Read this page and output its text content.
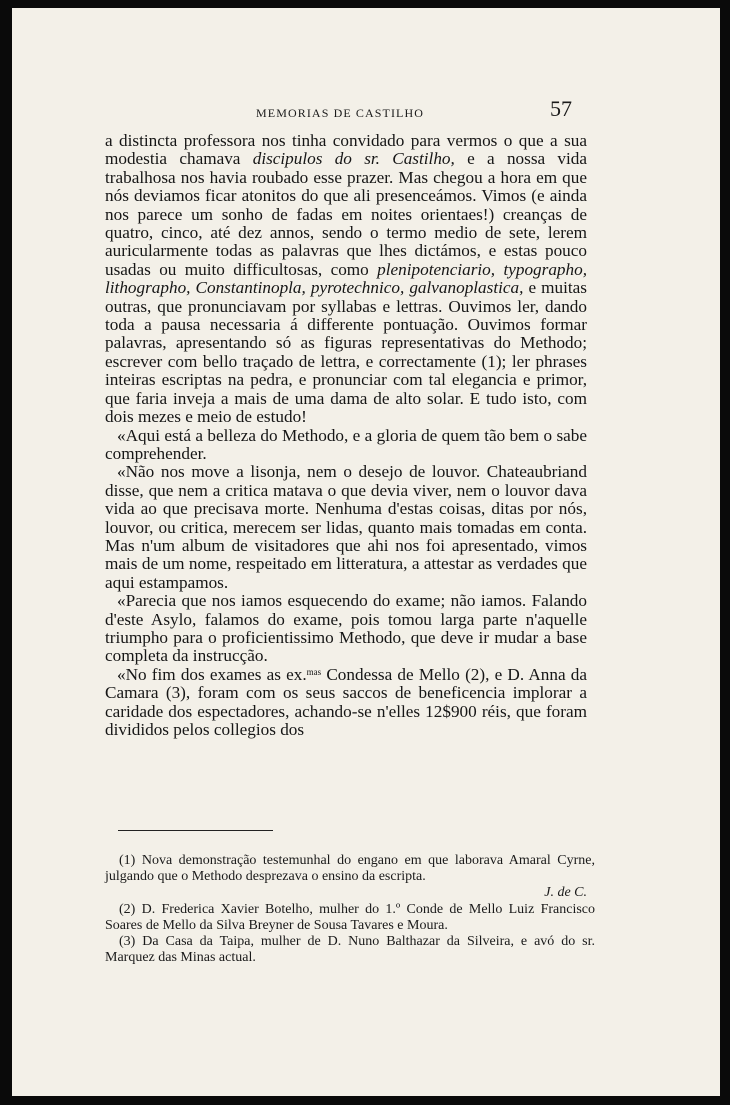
MEMORIAS DE CASTILHO	57

a distincta professora nos tinha convidado para vermos o que a sua modestia chamava discipulos do sr. Castilho, e a nossa vida trabalhosa nos havia roubado esse prazer. Mas chegou a hora em que nós deviamos ficar atonitos do que ali presenceámos. Vimos (e ainda nos parece um sonho de fadas em noites orientaes!) creanças de quatro, cinco, até dez annos, sendo o termo medio de sete, lerem auricularmente todas as palavras que lhes dictámos, e estas pouco usadas ou muito difficultosas, como plenipotenciario, typographo, lithographo, Constantinopla, pyrotechnico, galvanoplastica, e muitas outras, que pronunciavam por syllabas e lettras. Ouvimos ler, dando toda a pausa necessaria á differente pontuação. Ouvimos formar palavras, apresentando só as figuras representativas do Methodo; escrever com bello traçado de lettra, e correctamente (1); ler phrases inteiras escriptas na pedra, e pronunciar com tal elegancia e primor, que faria inveja a mais de uma dama de alto solar. E tudo isto, com dois mezes e meio de estudo!

«Aqui está a belleza do Methodo, e a gloria de quem tão bem o sabe comprehender.

«Não nos move a lisonja, nem o desejo de louvor. Chateaubriand disse, que nem a critica matava o que devia viver, nem o louvor dava vida ao que precisava morte. Nenhuma d'estas coisas, ditas por nós, louvor, ou critica, merecem ser lidas, quanto mais tomadas em conta. Mas n'um album de visitadores que ahi nos foi apresentado, vimos mais de um nome, respeitado em litteratura, a attestar as verdades que aqui estampamos.

«Parecia que nos iamos esquecendo do exame; não iamos. Falando d'este Asylo, falamos do exame, pois tomou larga parte n'aquelle triumpho para o proficientissimo Methodo, que deve ir mudar a base completa da instrucção.

«No fim dos exames as ex.$^{mas}$ Condessa de Mello (2), e D. Anna da Camara (3), foram com os seus saccos de beneficencia implorar a caridade dos espectadores, achando-se n'elles 12$900 réis, que foram divididos pelos collegios dos

(1) Nova demonstração testemunhal do engano em que laborava Amaral Cyrne, julgando que o Methodo desprezava o ensino da escripta.

J. de C.

(2) D. Frederica Xavier Botelho, mulher do 1.º Conde de Mello Luiz Francisco Soares de Mello da Silva Breyner de Sousa Tavares e Moura.

(3) Da Casa da Taipa, mulher de D. Nuno Balthazar da Silveira, e avó do sr. Marquez das Minas actual.
